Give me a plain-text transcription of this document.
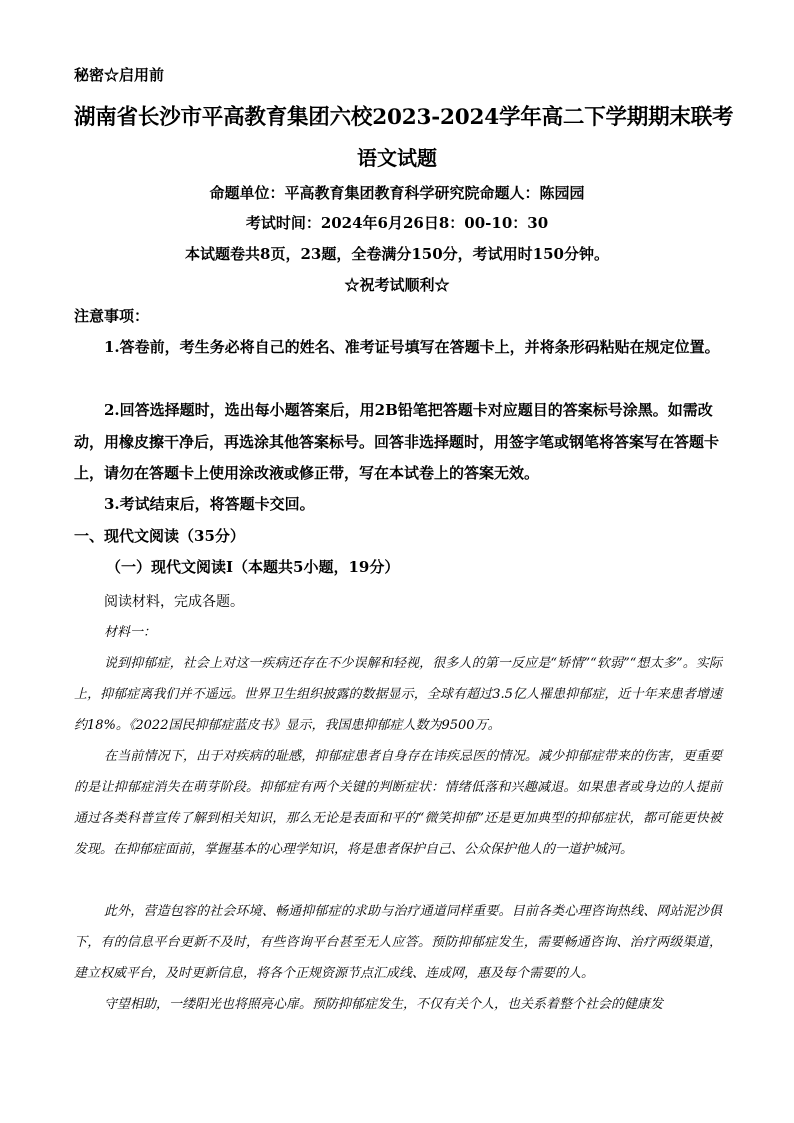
秘密☆启用前
湖南省长沙市平高教育集团六校2023-2024学年高二下学期期末联考
语文试题
命题单位：平高教育集团教育科学研究院命题人：陈园园
考试时间：2024年6月26日8：00-10：30
本试题卷共8页，23题，全卷满分150分，考试用时150分钟。
☆祝考试顺利☆
注意事项：
1.答卷前，考生务必将自己的姓名、准考证号填写在答题卡上，并将条形码粘贴在规定位置。
2.回答选择题时，选出每小题答案后，用2B铅笔把答题卡对应题目的答案标号涂黑。如需改动，用橡皮擦干净后，再选涂其他答案标号。回答非选择题时，用签字笔或钢笔将答案写在答题卡上，请勿在答题卡上使用涂改液或修正带，写在本试卷上的答案无效。
3.考试结束后，将答题卡交回。
一、现代文阅读（35分）
（一）现代文阅读Ⅰ（本题共5小题，19分）
阅读材料，完成各题。
材料一：
说到抑郁症，社会上对这一疾病还存在不少误解和轻视，很多人的第一反应是“矫情”“软弱”“想太多”。实际上，抑郁症离我们并不遥远。世界卫生组织披露的数据显示，全球有超过3.5亿人罹患抑郁症，近十年来患者增速约18%。《2022国民抑郁症蓝皮书》显示，我国患抑郁症人数为9500万。
在当前情况下，出于对疾病的耻感，抑郁症患者自身存在讳疾忌医的情况。减少抑郁症带来的伤害，更重要的是让抑郁症消失在萌芽阶段。抑郁症有两个关键的判断症状：情绪低落和兴趣减退。如果患者或身边的人提前通过各类科普宣传了解到相关知识，那么无论是表面和平的“微笑抑郁”还是更加典型的抑郁症状，都可能更快被发现。在抑郁症面前，掌握基本的心理学知识，将是患者保护自己、公众保护他人的一道护城河。
此外，营造包容的社会环境、畅通抑郁症的求助与治疗通道同样重要。目前各类心理咨询热线、网站泥沙俱下，有的信息平台更新不及时，有些咨询平台甚至无人应答。预防抑郁症发生，需要畅通咨询、治疗两级渠道，建立权威平台，及时更新信息，将各个正规资源节点汇成线、连成网，惠及每个需要的人。
守望相助，一缕阳光也将照亮心扉。预防抑郁症发生，不仅有关个人，也关系着整个社会的健康发
